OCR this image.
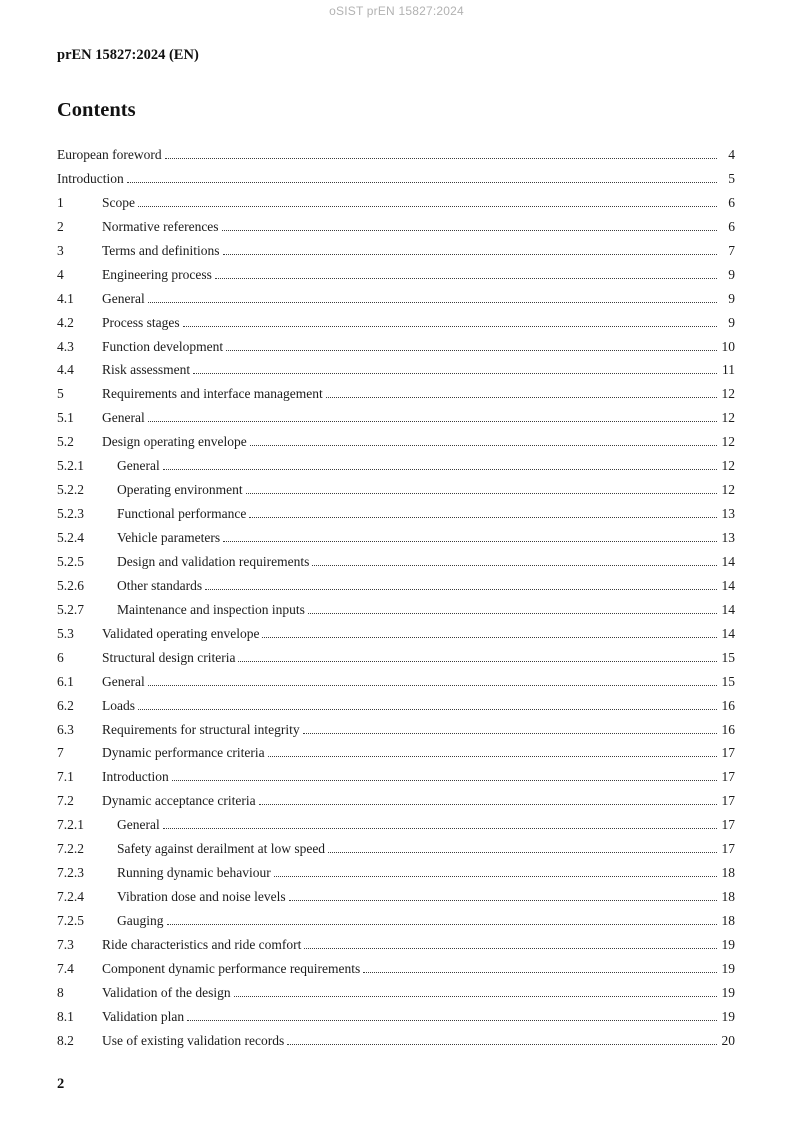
oSIST prEN 15827:2024
prEN 15827:2024 (EN)
Contents
European foreword	4
Introduction	5
1	Scope	6
2	Normative references	6
3	Terms and definitions	7
4	Engineering process	9
4.1	General	9
4.2	Process stages	9
4.3	Function development	10
4.4	Risk assessment	11
5	Requirements and interface management	12
5.1	General	12
5.2	Design operating envelope	12
5.2.1	General	12
5.2.2	Operating environment	12
5.2.3	Functional performance	13
5.2.4	Vehicle parameters	13
5.2.5	Design and validation requirements	14
5.2.6	Other standards	14
5.2.7	Maintenance and inspection inputs	14
5.3	Validated operating envelope	14
6	Structural design criteria	15
6.1	General	15
6.2	Loads	16
6.3	Requirements for structural integrity	16
7	Dynamic performance criteria	17
7.1	Introduction	17
7.2	Dynamic acceptance criteria	17
7.2.1	General	17
7.2.2	Safety against derailment at low speed	17
7.2.3	Running dynamic behaviour	18
7.2.4	Vibration dose and noise levels	18
7.2.5	Gauging	18
7.3	Ride characteristics and ride comfort	19
7.4	Component dynamic performance requirements	19
8	Validation of the design	19
8.1	Validation plan	19
8.2	Use of existing validation records	20
2
